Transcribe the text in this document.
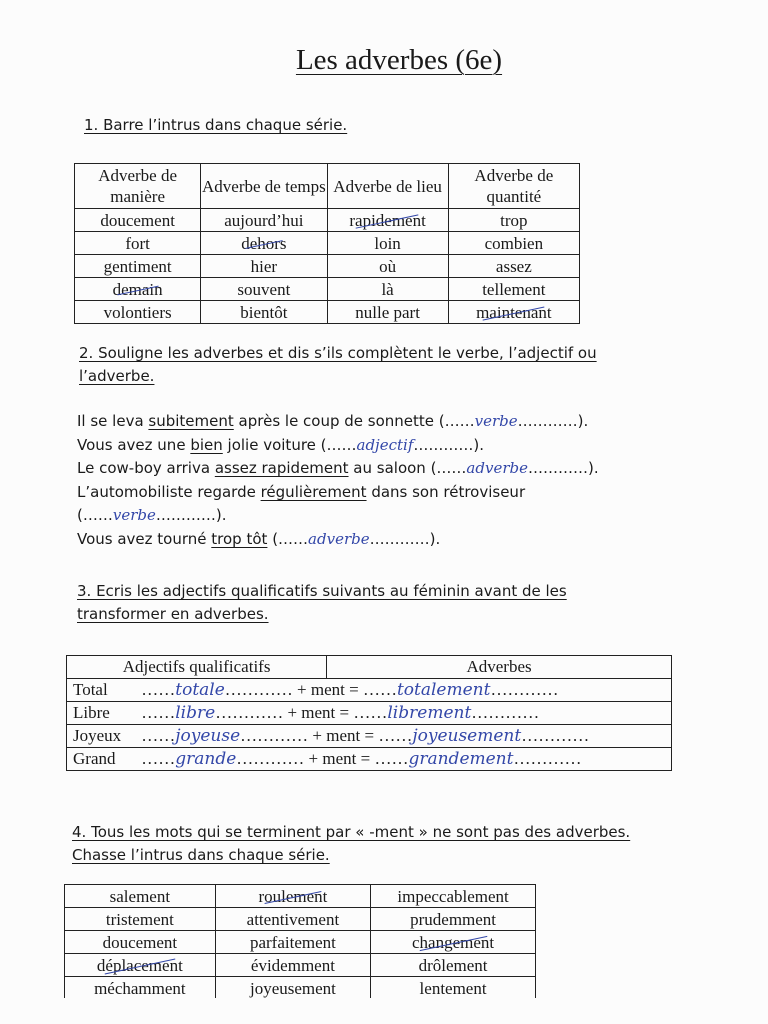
Les adverbes (6e)
1. Barre l’intrus dans chaque série.
Adverbe de manière	Adverbe de temps	Adverbe de lieu	Adverbe de quantité
doucement	aujourd’hui	rapidement	trop
fort	dehors	loin	combien
gentiment	hier	où	assez
demain	souvent	là	tellement
volontiers	bientôt	nulle part	maintenant
2. Souligne les adverbes et dis s’ils complètent le verbe, l’adjectif ou l’adverbe.
Il se leva subitement après le coup de sonnette (……verbe…………).
Vous avez une bien jolie voiture (……adjectif…………).
Le cow-boy arriva assez rapidement au saloon (……adverbe…………).
L’automobiliste regarde régulièrement dans son rétroviseur
(……verbe…………).
Vous avez tourné trop tôt (……adverbe…………).
3. Ecris les adjectifs qualificatifs suivants au féminin avant de les transformer en adverbes.
Adjectifs qualificatifs	Adverbes
Total ……totale………… + ment = ……totalement…………
Libre ……libre………… + ment = ……librement…………
Joyeux ……joyeuse………… + ment = ……joyeusement…………
Grand ……grande………… + ment = ……grandement…………
4. Tous les mots qui se terminent par « -ment » ne sont pas des adverbes. Chasse l’intrus dans chaque série.
salement	roulement	impeccablement
tristement	attentivement	prudemment
doucement	parfaitement	changement
déplacement	évidemment	drôlement
méchamment	joyeusement	lentement
